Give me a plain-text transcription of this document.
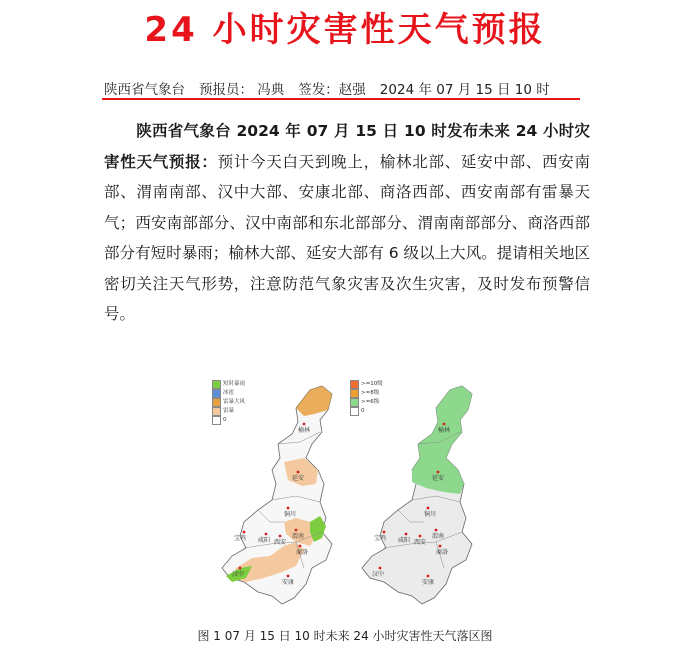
24 小时灾害性天气预报
陕西省气象台 预报员： 冯典 签发：赵强 2024 年 07 月 15 日 10 时
陕西省气象台 2024 年 07 月 15 日 10 时发布未来 24 小时灾害性天气预报：预计今天白天到晚上，榆林北部、延安中部、西安南部、渭南南部、汉中大部、安康北部、商洛西部、西安南部有雷暴天气；西安南部部分、汉中南部和东北部部分、渭南南部部分、商洛西部部分有短时暴雨；榆林大部、延安大部有 6 级以上大风。提请相关地区密切关注天气形势，注意防范气象灾害及次生灾害，及时发布预警信号。
短时暴雨
冰雹
雷暴大风
雷暴
0
>=10级
>=8级
>=6级
0
榆林
延安
铜川
宝鸡 咸阳 西安
渭南
商洛
汉中
安康
榆林
延安
铜川
宝鸡 咸阳 西安
渭南
商洛
汉中
安康
图 1 07 月 15 日 10 时未来 24 小时灾害性天气落区图
